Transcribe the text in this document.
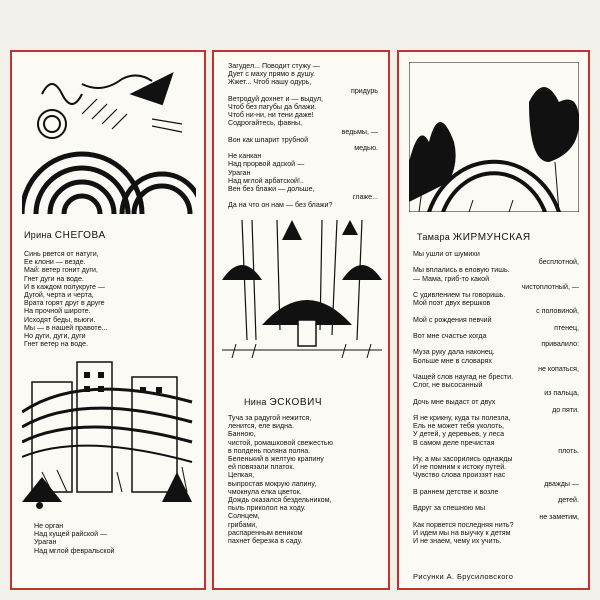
Ирина СНЕГОВА
Синь рвется от натуги,
Ее клони — везде.
Май: ветер гонит дуги,
Гнет дуги на воде.
И в каждом полукруге —
Дугой, черта и черта,
Врата горят друг в друге
На прочной широте.
Исходят беды, вьюги.
Мы — в нашей правоте...
Но дуги, дуги, дуги
Гнет ветер на воде.
Не орган
Над кущей райской —
Ураган
Над мглой февральской
Загудел... Поводит стужу —
Дует с маху прямо в душу.
Жжет... Чтоб нашу одурь,
придурь
Ветродуй дохнет и — выдул,
Чтоб без пагубы да блажи.
Чтоб ни-ни, ни тени даже!
Содрогайтесь, фавны,
ведьмы, —
Вон как шпарит трубной
медью.
Не канкан
Над прорвой адской —
Ураган
Над мглой арбатской!..
Вен без блажи — дольше,
глаже...
Да на что он нам — без блажи?
Нина ЭСКОВИЧ
Туча за радугой нежится,
ленится, еле видна.
Банною,
чистой, ромашковой свежестью
в полдень поляна полна.
Беленький в желтую крапину
ей повязали платок.
Цепкая,
выпростав мокрую лапину,
чмокнула елка цветок.
Дождь оказался бездельником,
пыль приколол на ходу.
Солнцем,
грибами,
распаренным веником
пахнет березка в саду.
Тамара ЖИРМУНСКАЯ
Мы ушли от шумихи
бесплотной,
Мы вплались в еловую тишь.
— Мама, гриб-то какой
чистоплотный, —
С удивлением ты говоришь.
Мой поэт двух вершков
с половиной,
Мой с рождения певчий
птенец,
Вот мне счастье когда
привалило:
Муза руку дала наконец.
Больше мне в словарях
не копаться,
Чащей слов наугад не брести.
Слог, не высосанный
из пальца,
Дочь мне выдаст от двух
до пяти.
Я не крикну, куда ты полезла,
Ель не может тебя уколоть,
У детей, у деревьев, у леса
В самом деле пречистая
плоть.
Ну, а мы засорились однажды
И не помним к истоку путей.
Чувство слова произзят нас
дважды —
В раннем детстве и возле
детей.
Вдруг за спешною мы
не заметим,
Как порвется последняя нить?
И идем мы на выучку к детям
И не знаем, чему их учить.
Рисунки А. Брусиловского
